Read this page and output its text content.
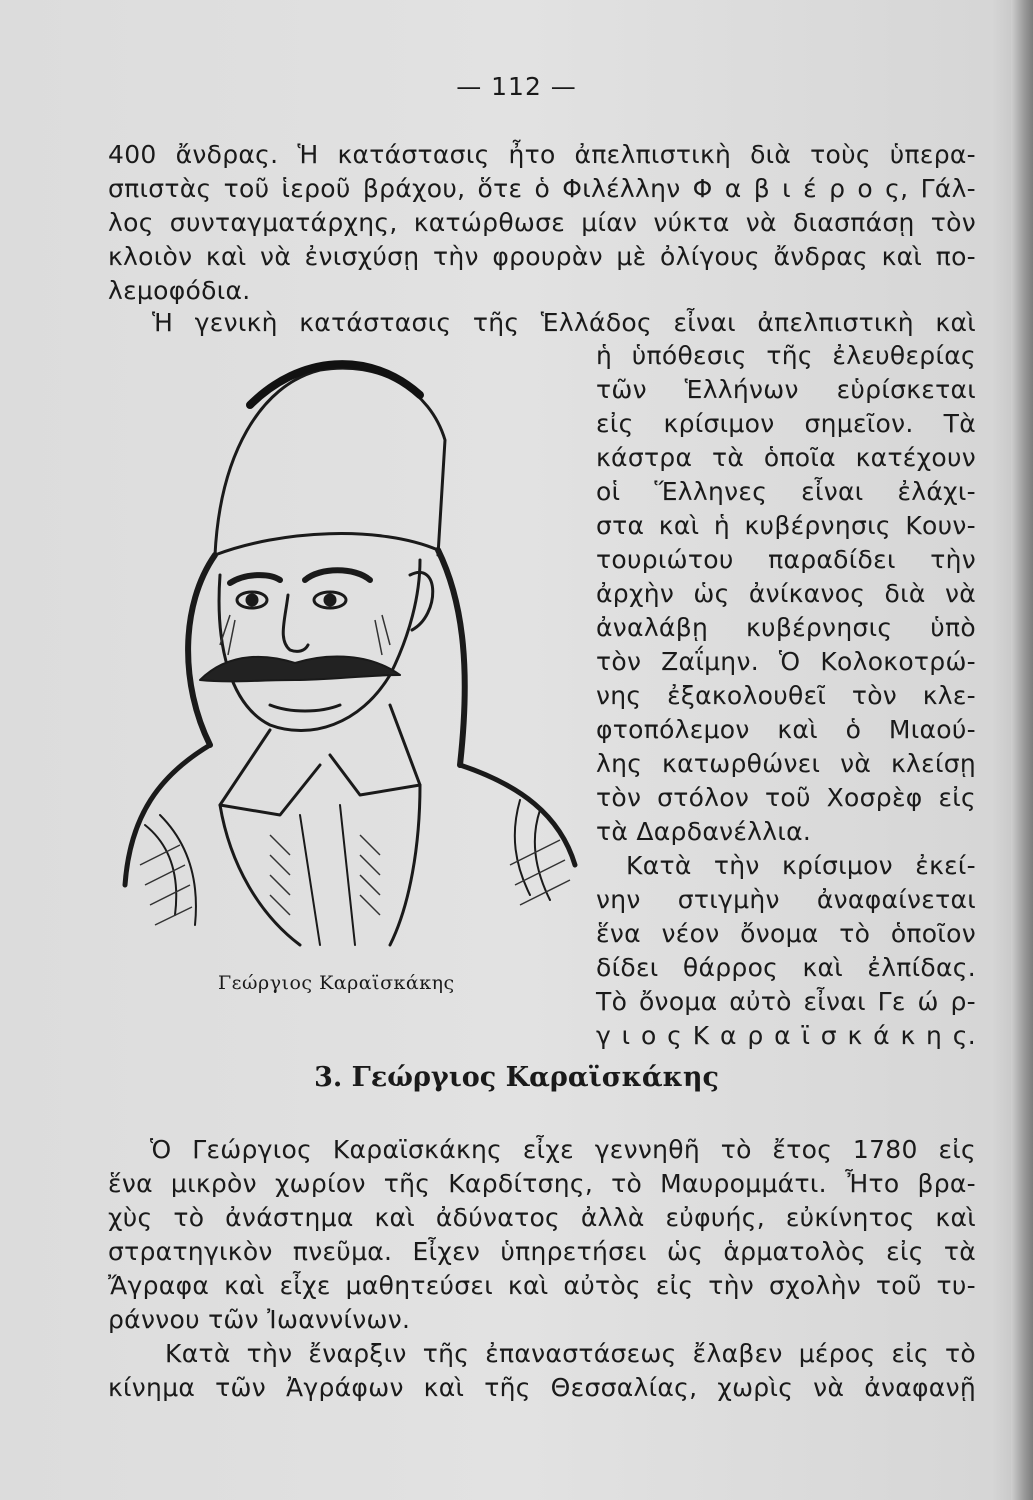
— 112 —
400 ἄνδρας. Ἡ κατάστασις ἦτο ἀπελπιστικὴ διὰ τοὺς ὑπερα-
σπιστὰς τοῦ ἱεροῦ βράχου, ὅτε ὁ Φιλέλλην Φ α β ι έ ρ ο ς, Γάλ-
λος συνταγματάρχης, κατώρθωσε μίαν νύκτα νὰ διασπάσῃ τὸν
κλοιὸν καὶ νὰ ἐνισχύσῃ τὴν φρουρὰν μὲ ὀλίγους ἄνδρας καὶ πο-
λεμοφόδια.
Ἡ γενικὴ κατάστασις τῆς Ἑλλάδος εἶναι ἀπελπιστικὴ καὶ
Γεώργιος Καραϊσκάκης
ἡ ὑπόθεσις τῆς ἐλευθερίας
τῶν Ἑλλήνων εὑρίσκεται
εἰς κρίσιμον σημεῖον. Τὰ
κάστρα τὰ ὁποῖα κατέχουν
οἱ Ἕλληνες εἶναι ἐλάχι-
στα καὶ ἡ κυβέρνησις Κουν-
τουριώτου παραδίδει τὴν
ἀρχὴν ὡς ἀνίκανος διὰ νὰ
ἀναλάβῃ κυβέρνησις ὑπὸ
τὸν Ζαΐμην. Ὁ Κολοκοτρώ-
νης ἐξακολουθεῖ τὸν κλε-
φτοπόλεμον καὶ ὁ Μιαού-
λης κατωρθώνει νὰ κλείσῃ
τὸν στόλον τοῦ Χοσρὲφ εἰς
τὰ Δαρδανέλλια.
Κατὰ τὴν κρίσιμον ἐκεί-
νην στιγμὴν ἀναφαίνεται
ἕνα νέον ὄνομα τὸ ὁποῖον
δίδει θάρρος καὶ ἐλπίδας.
Τὸ ὄνομα αὐτὸ εἶναι Γε ώ ρ-
γ ι ο ς Κ α ρ α ϊ σ κ ά κ η ς.
3. Γεώργιος Καραϊσκάκης
Ὁ Γεώργιος Καραϊσκάκης εἶχε γεννηθῆ τὸ ἔτος 1780 εἰς
ἕνα μικρὸν χωρίον τῆς Καρδίτσης, τὸ Μαυρομμάτι. Ἦτο βρα-
χὺς τὸ ἀνάστημα καὶ ἀδύνατος ἀλλὰ εὐφυής, εὐκίνητος καὶ
στρατηγικὸν πνεῦμα. Εἶχεν ὑπηρετήσει ὡς ἁρματολὸς εἰς τὰ
Ἄγραφα καὶ εἶχε μαθητεύσει καὶ αὐτὸς εἰς τὴν σχολὴν τοῦ τυ-
ράννου τῶν Ἰωαννίνων.
Κατὰ τὴν ἔναρξιν τῆς ἐπαναστάσεως ἔλαβεν μέρος εἰς τὸ
κίνημα τῶν Ἀγράφων καὶ τῆς Θεσσαλίας, χωρὶς νὰ ἀναφανῇ
